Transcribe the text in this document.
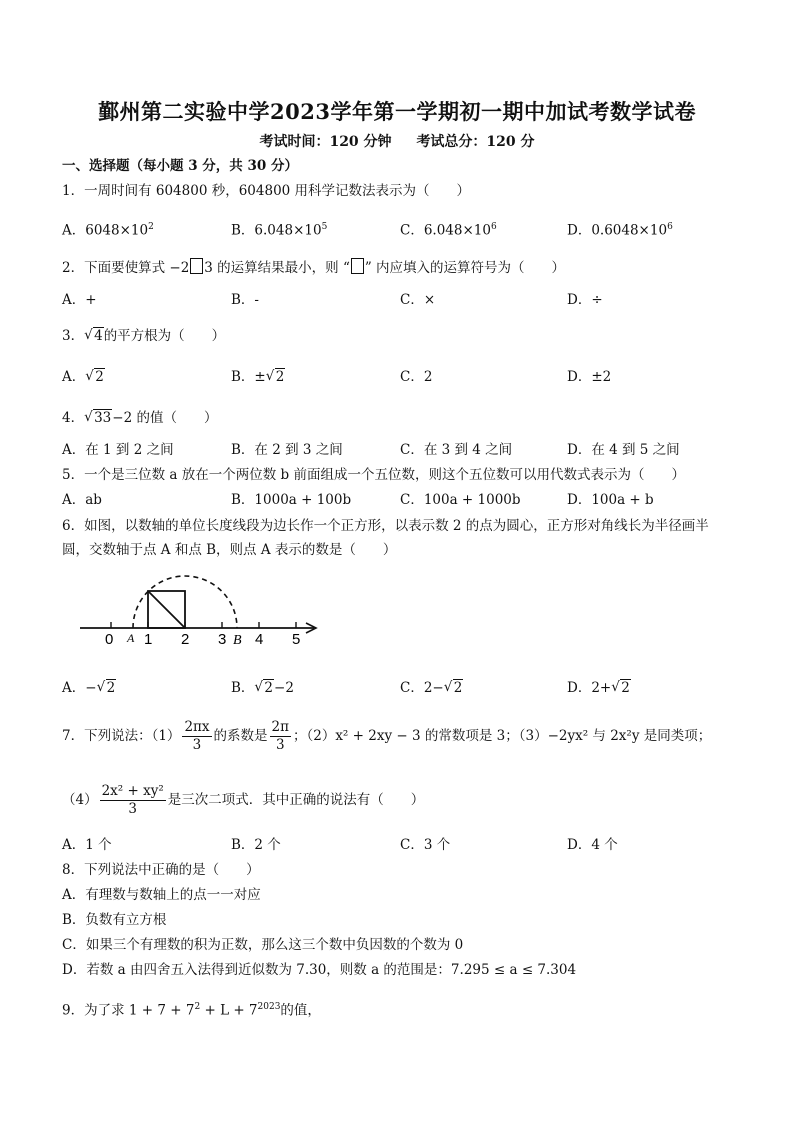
鄞州第二实验中学2023学年第一学期初一期中加试考数学试卷
考试时间：120 分钟 考试总分：120 分
一、选择题（每小题 3 分，共 30 分）
1．一周时间有 604800 秒，604800 用科学记数法表示为（　　）
A．$6048\times 10^2$	B．$6.048\times 10^5$	C．$6.048\times 10^6$	D．$0.6048\times 10^6$
2．下面要使算式 −2 3 的运算结果最小，则 “ ” 内应填入的运算符号为（　　）
A．+	B．-	C．×	D．÷
3． √ 4的平方根为（　　）
A． √ 2	B．± √ 2	C．2	D．±2
4． √ 33−2 的值（　　）
A．在 1 到 2 之间	B．在 2 到 3 之间	C．在 3 到 4 之间	D．在 4 到 5 之间
5．一个是三位数 a 放在一个两位数 b 前面组成一个五位数，则这个五位数可以用代数式表示为（　　）
A．ab	B．1000a + 100b	C．100a + 1000b	D．100a + b
6．如图，以数轴的单位长度线段为边长作一个正方形，以表示数 2 的点为圆心，正方形对角线长为半径画半
圆，交数轴于点 A 和点 B，则点 A 表示的数是（　　）
0 A 1 2 3 B 4 5
A．− √ 2	B． √ 2−2	C．2− √ 2	D．2+ √ 2
7．下列说法：$(1) \frac{2\pi x}{3}$ 的系数是 $\frac{2\pi}{3}$ ；（2）x² + 2xy − 3 的常数项是 3；（3）−2yx² 与 2x²y 是同类项；
$(4) \frac{\text{2x² + xy²}}{3}$ 是三次二项式．其中正确的说法有（　　）
A．1 个	B．2 个	C．3 个	D．4 个
8．下列说法中正确的是（　　）
A．有理数与数轴上的点一一对应
B．负数有立方根
C．如果三个有理数的积为正数，那么这三个数中负因数的个数为 0
D．若数 a 由四舍五入法得到近似数为 7.30，则数 a 的范围是：7.295 ≤ a ≤ 7.304
9．为了求 $1 + 7 + 7^2 + L + 7^{2023}$的值，
